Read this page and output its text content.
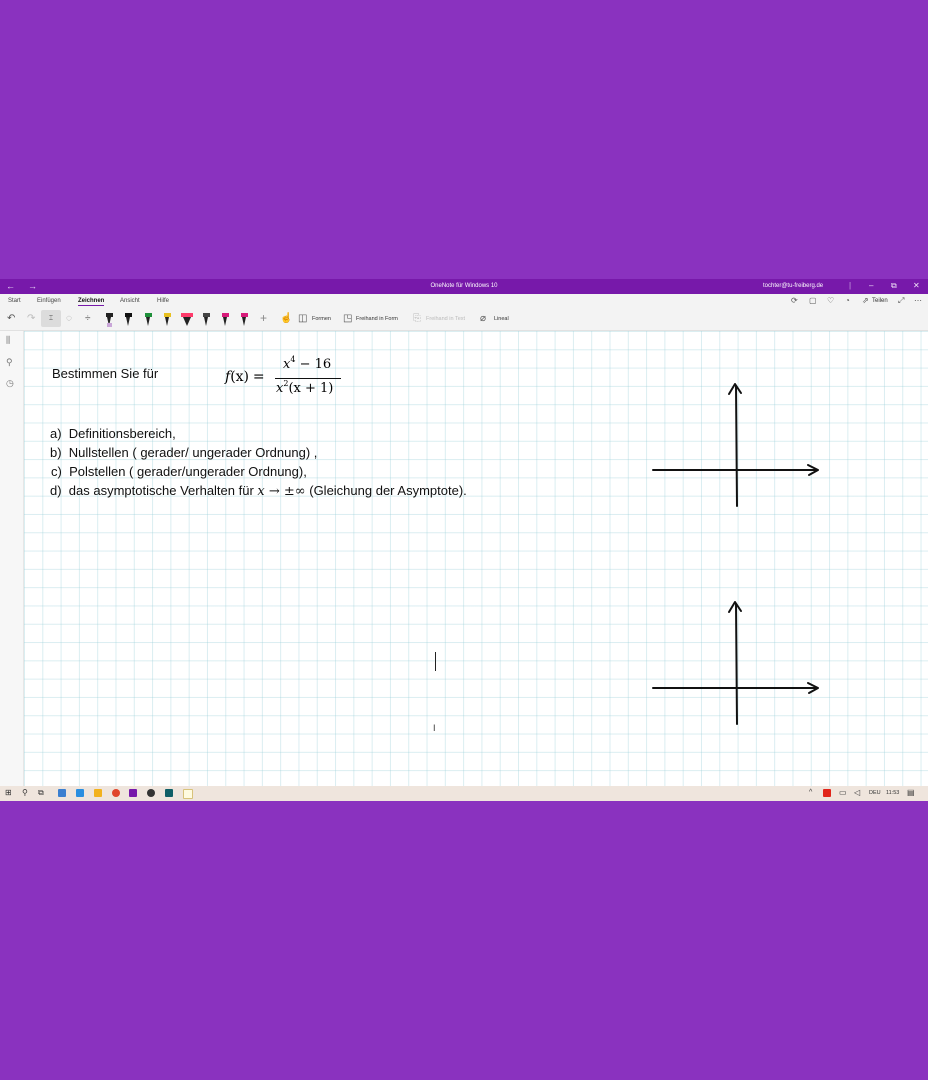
← →	OneNote für Windows 10	tochter@tu-freiberg.de	| – ⧉ ✕
Start	Einfügen	Zeichnen	Ansicht	Hilfe	⟳ ▢ ♡ ◔ ⇗ Teilen ⤢ ⋯
↶ ↷	⌶	◌ ÷	+ ☝ ◫ Formen ◳ Freihand in Form ⎘ Freihand in Text ⌀ Lineal
⫼
⚲
◷
Bestimmen Sie für	f(x) =
$x^4 - 16$
$x^2(x + 1)$
a) Definitionsbereich,
b) Nullstellen ( gerader/ ungerader Ordnung) ,
c) Polstellen ( gerader/ungerader Ordnung),
d) das asymptotische Verhalten für x → ±∞ (Gleichung der Asymptote).
I
⊞ ⚲ ⧉	^	▭ ◁ DEU 11:53 ▤
